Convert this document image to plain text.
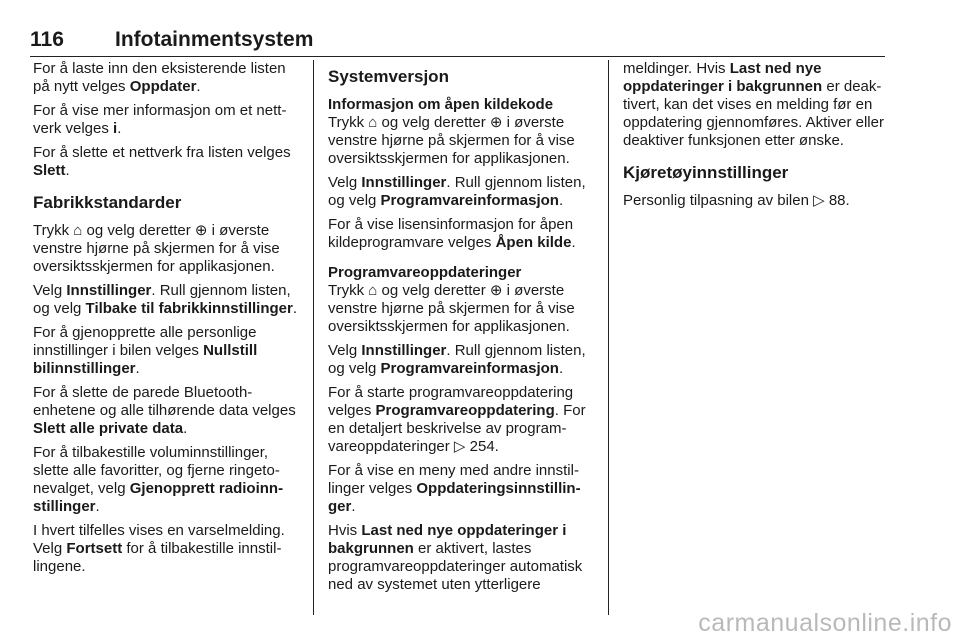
116 Infotainmentsystem

For å laste inn den eksisterende listen på nytt velges Oppdater.

For å vise mer informasjon om et nettverk velges i.

For å slette et nettverk fra listen velges Slett.

Fabrikkstandarder

Trykk ⌂ og velg deretter ⊕ i øverste venstre hjørne på skjermen for å vise oversiktsskjermen for applikasjonen.

Velg Innstillinger. Rull gjennom listen, og velg Tilbake til fabrikkinnstillinger.

For å gjenopprette alle personlige innstillinger i bilen velges Nullstill bilinnstillinger.

For å slette de parede Bluetooth-enhetene og alle tilhørende data velges Slett alle private data.

For å tilbakestille voluminnstillinger, slette alle favoritter, og fjerne ringetonevalget, velg Gjenopprett radioinnstillinger.

I hvert tilfelles vises en varselmelding. Velg Fortsett for å tilbakestille innstillingene.

Systemversjon
Informasjon om åpen kildekode

Trykk ⌂ og velg deretter ⊕ i øverste venstre hjørne på skjermen for å vise oversiktsskjermen for applikasjonen.

Velg Innstillinger. Rull gjennom listen, og velg Programvareinformasjon.

For å vise lisensinformasjon for åpen kildeprogramvare velges Åpen kilde.

Programvareoppdateringer

Trykk ⌂ og velg deretter ⊕ i øverste venstre hjørne på skjermen for å vise oversiktsskjermen for applikasjonen.

Velg Innstillinger. Rull gjennom listen, og velg Programvareinformasjon.

For å starte programvareoppdatering velges Programvareoppdatering. For en detaljert beskrivelse av programvareoppdateringer ▷ 254.

For å vise en meny med andre innstillinger velges Oppdateringsinnstillinger.

Hvis Last ned nye oppdateringer i bakgrunnen er aktivert, lastes programvareoppdateringer automatisk ned av systemet uten ytterligere

meldinger. Hvis Last ned nye oppdateringer i bakgrunnen er deaktivert, kan det vises en melding før en oppdatering gjennomføres. Aktiver eller deaktiver funksjonen etter ønske.

Kjøretøyinnstillinger

Personlig tilpasning av bilen ▷ 88.

carmanualsonline.info
